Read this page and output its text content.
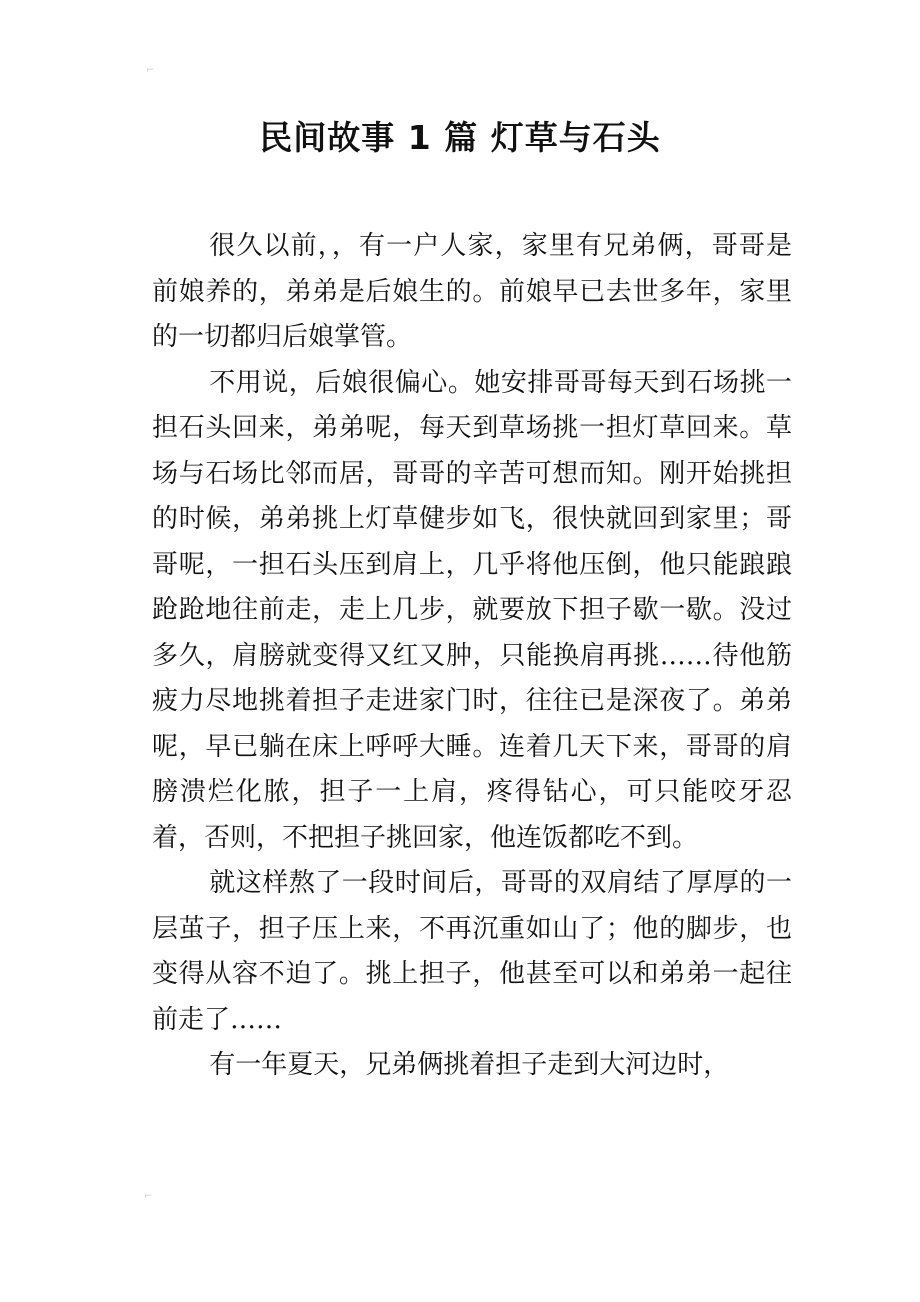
⌐
民间故事 1 篇 灯草与石头

很久以前，，有一户人家，家里有兄弟俩，哥哥是前娘养的，弟弟是后娘生的。前娘早已去世多年，家里的一切都归后娘掌管。

不用说，后娘很偏心。她安排哥哥每天到石场挑一担石头回来，弟弟呢，每天到草场挑一担灯草回来。草场与石场比邻而居，哥哥的辛苦可想而知。刚开始挑担的时候，弟弟挑上灯草健步如飞，很快就回到家里；哥哥呢，一担石头压到肩上，几乎将他压倒，他只能踉踉跄跄地往前走，走上几步，就要放下担子歇一歇。没过多久，肩膀就变得又红又肿，只能换肩再挑……待他筋疲力尽地挑着担子走进家门时，往往已是深夜了。弟弟呢，早已躺在床上呼呼大睡。连着几天下来，哥哥的肩膀溃烂化脓，担子一上肩，疼得钻心，可只能咬牙忍着，否则，不把担子挑回家，他连饭都吃不到。

就这样熬了一段时间后，哥哥的双肩结了厚厚的一层茧子，担子压上来，不再沉重如山了；他的脚步，也变得从容不迫了。挑上担子，他甚至可以和弟弟一起往前走了……

有一年夏天，兄弟俩挑着担子走到大河边时，

⌐
